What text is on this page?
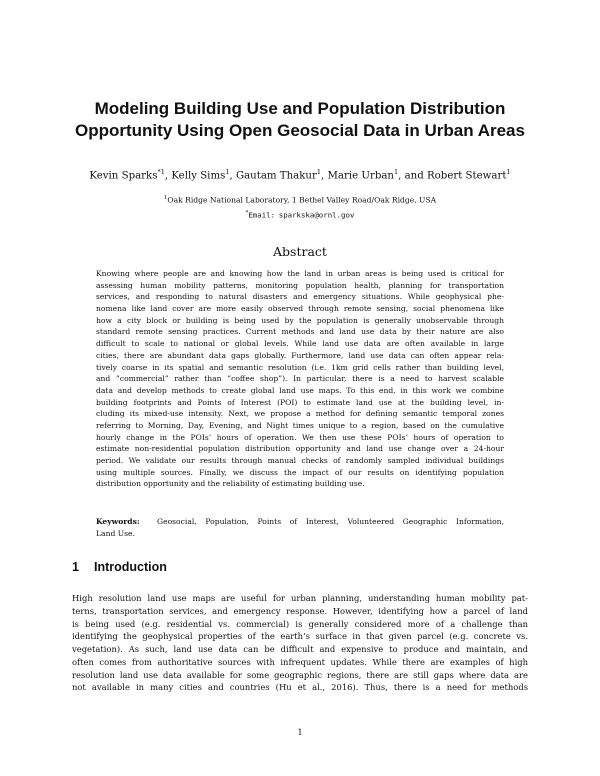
Modeling Building Use and Population Distribution
Opportunity Using Open Geosocial Data in Urban Areas
Kevin Sparks$^{*1}$, Kelly Sims$^1$, Gautam Thakur$^1$, Marie Urban$^1$, and Robert Stewart$^1$
$^1$Oak Ridge National Laboratory, 1 Bethel Valley Road/Oak Ridge, USA
*Email: sparkska@ornl.gov
Abstract
Knowing where people are and knowing how the land in urban areas is being used is critical for
assessing human mobility patterns, monitoring population health, planning for transportation
services, and responding to natural disasters and emergency situations. While geophysical phe-
nomena like land cover are more easily observed through remote sensing, social phenomena like
how a city block or building is being used by the population is generally unobservable through
standard remote sensing practices. Current methods and land use data by their nature are also
difficult to scale to national or global levels. While land use data are often available in large
cities, there are abundant data gaps globally. Furthermore, land use data can often appear rela-
tively coarse in its spatial and semantic resolution (i.e. 1km grid cells rather than building level,
and ”commercial” rather than ”coffee shop”). In particular, there is a need to harvest scalable
data and develop methods to create global land use maps. To this end, in this work we combine
building footprints and Points of Interest (POI) to estimate land use at the building level, in-
cluding its mixed-use intensity. Next, we propose a method for defining semantic temporal zones
referring to Morning, Day, Evening, and Night times unique to a region, based on the cumulative
hourly change in the POIs’ hours of operation. We then use these POIs’ hours of operation to
estimate non-residential population distribution opportunity and land use change over a 24-hour
period. We validate our results through manual checks of randomly sampled individual buildings
using multiple sources. Finally, we discuss the impact of our results on identifying population
distribution opportunity and the reliability of estimating building use.
Keywords: Geosocial, Population, Points of Interest, Volunteered Geographic Information,
Land Use.
1 Introduction
High resolution land use maps are useful for urban planning, understanding human mobility pat-
terns, transportation services, and emergency response. However, identifying how a parcel of land
is being used (e.g. residential vs. commercial) is generally considered more of a challenge than
identifying the geophysical properties of the earth’s surface in that given parcel (e.g. concrete vs.
vegetation). As such, land use data can be difficult and expensive to produce and maintain, and
often comes from authoritative sources with infrequent updates. While there are examples of high
resolution land use data available for some geographic regions, there are still gaps where data are
not available in many cities and countries (Hu et al., 2016). Thus, there is a need for methods
1
